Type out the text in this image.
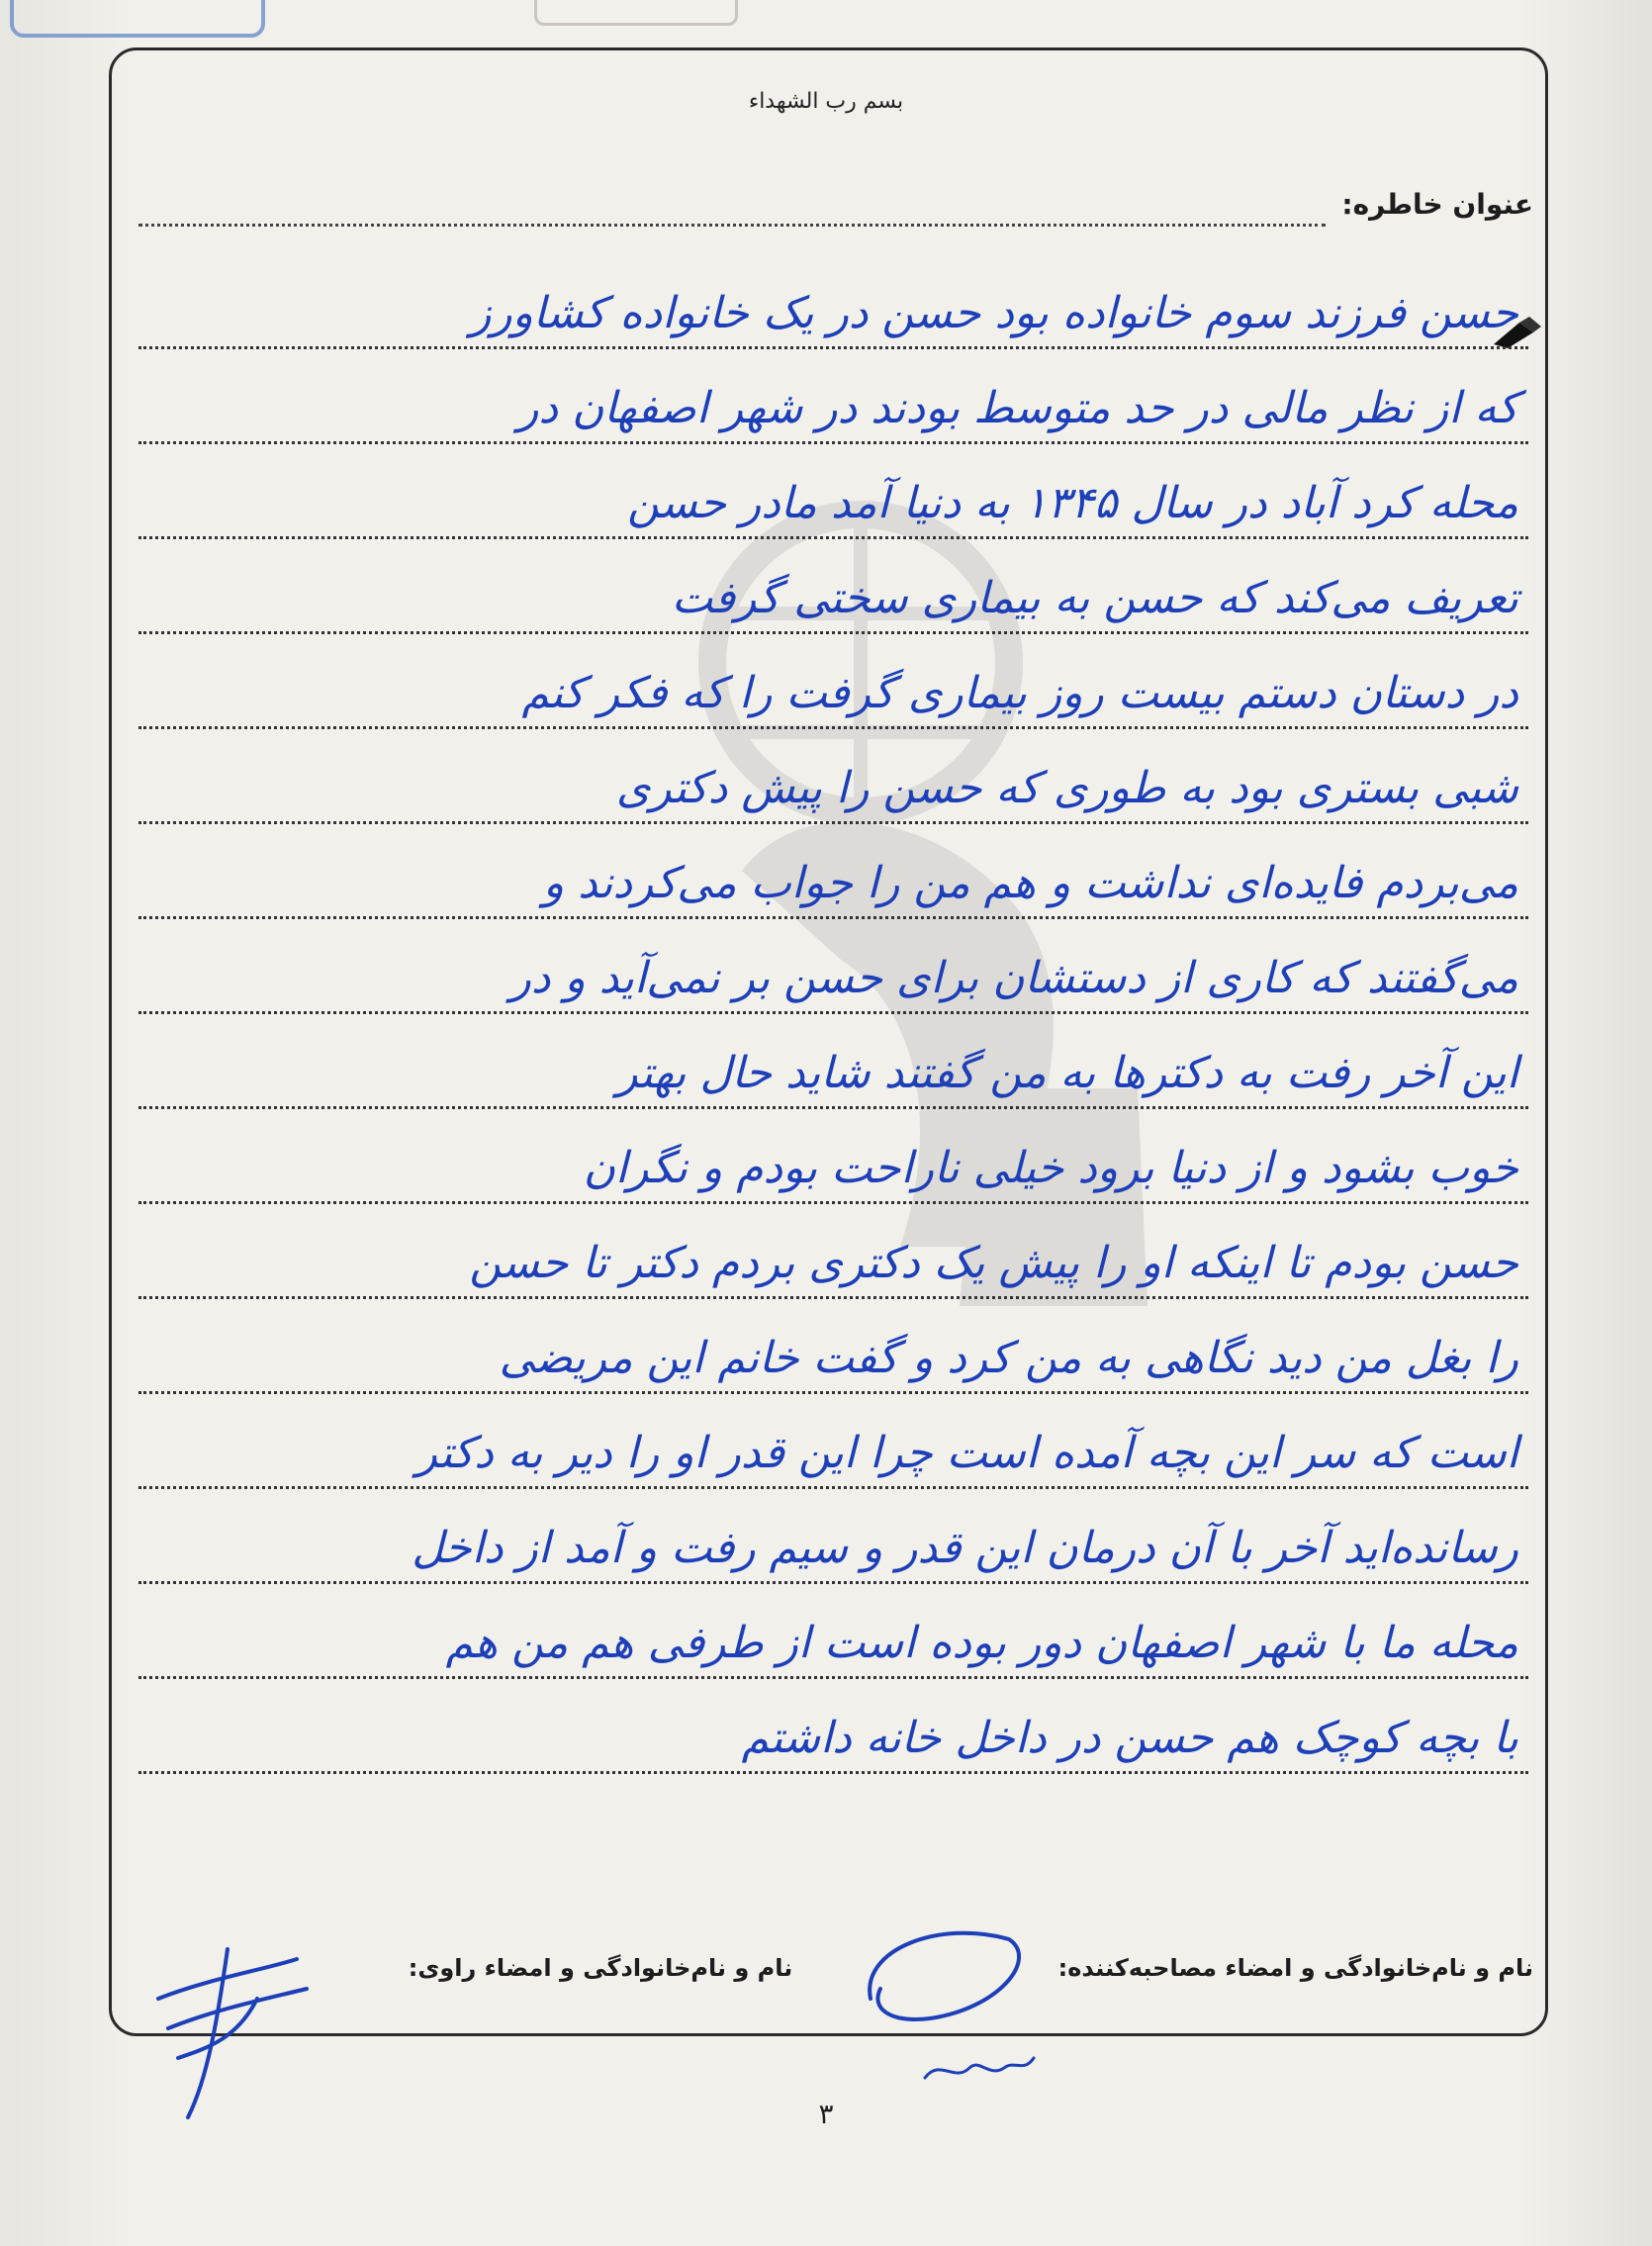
بسم رب الشهداء
عنوان خاطره:
حسن فرزند سوم خانواده بود حسن در یک خانواده کشاورز
که از نظر مالی در حد متوسط بودند در شهر اصفهان در
محله کرد آباد در سال ۱۳۴۵ به دنیا آمد مادر حسن
تعریف می‌کند که حسن به بیماری سختی گرفت
در دستان دستم بیست روز بیماری گرفت را که فکر کنم
شبی بستری بود به طوری که حسن را پیش دکتری
می‌بردم فایده‌ای نداشت و هم من را جواب می‌کردند و
می‌گفتند که کاری از دستشان برای حسن بر نمی‌آید و در
این آخر رفت به دکترها به من گفتند شاید حال بهتر
خوب بشود و از دنیا برود خیلی ناراحت بودم و نگران
حسن بودم تا اینکه او را پیش یک دکتری بردم دکتر تا حسن
را بغل من دید نگاهی به من کرد و گفت خانم این مریضی
است که سر این بچه آمده است چرا این قدر او را دیر به دکتر
رسانده‌اید آخر با آن درمان این قدر و سیم رفت و آمد از داخل
محله ما با شهر اصفهان دور بوده است از طرفی هم من هم
با بچه کوچک هم حسن در داخل خانه داشتم
نام و نام‌خانوادگی و امضاء مصاحبه‌کننده: نام و نام‌خانوادگی و امضاء راوی:
۳
